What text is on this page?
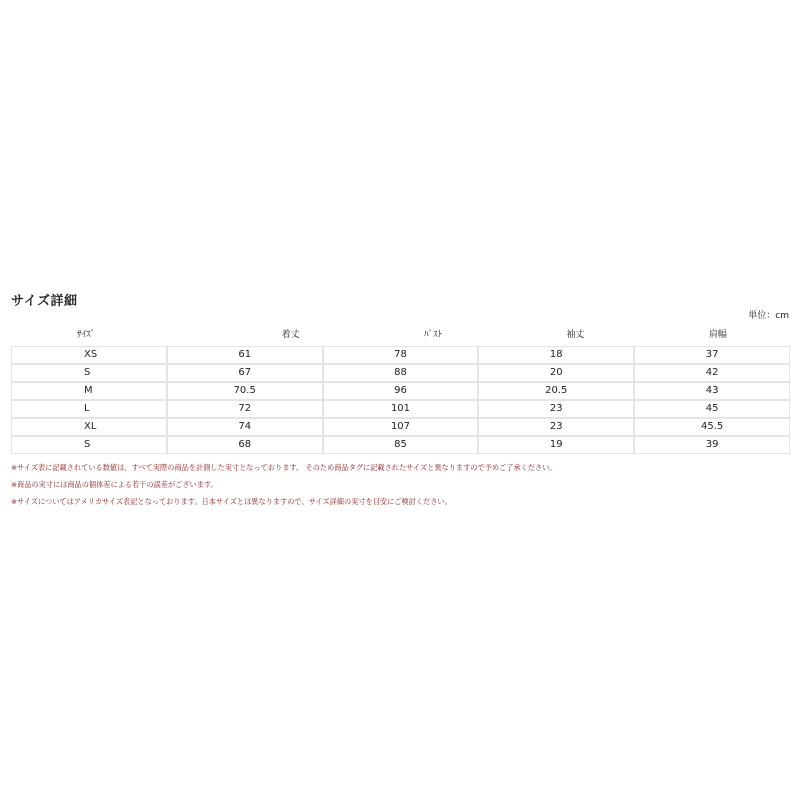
サイズ詳細
単位：cm
ｻｲｽﾞ	着丈	ﾊﾞｽﾄ	袖丈	肩幅
XS	61	78	18	37
S	67	88	20	42
M	70.5	96	20.5	43
L	72	101	23	45
XL	74	107	23	45.5
S	68	85	19	39
※サイズ表に記載されている数値は、すべて実際の商品を計測した実寸となっております。 そのため商品タグに記載されたサイズと異なりますので予めご了承ください。
※商品の実寸には商品の個体差による若干の誤差がございます。
※サイズについてはアメリカサイズ表記となっております。日本サイズとは異なりますので、サイズ詳細の実寸を目安にご検討ください。
